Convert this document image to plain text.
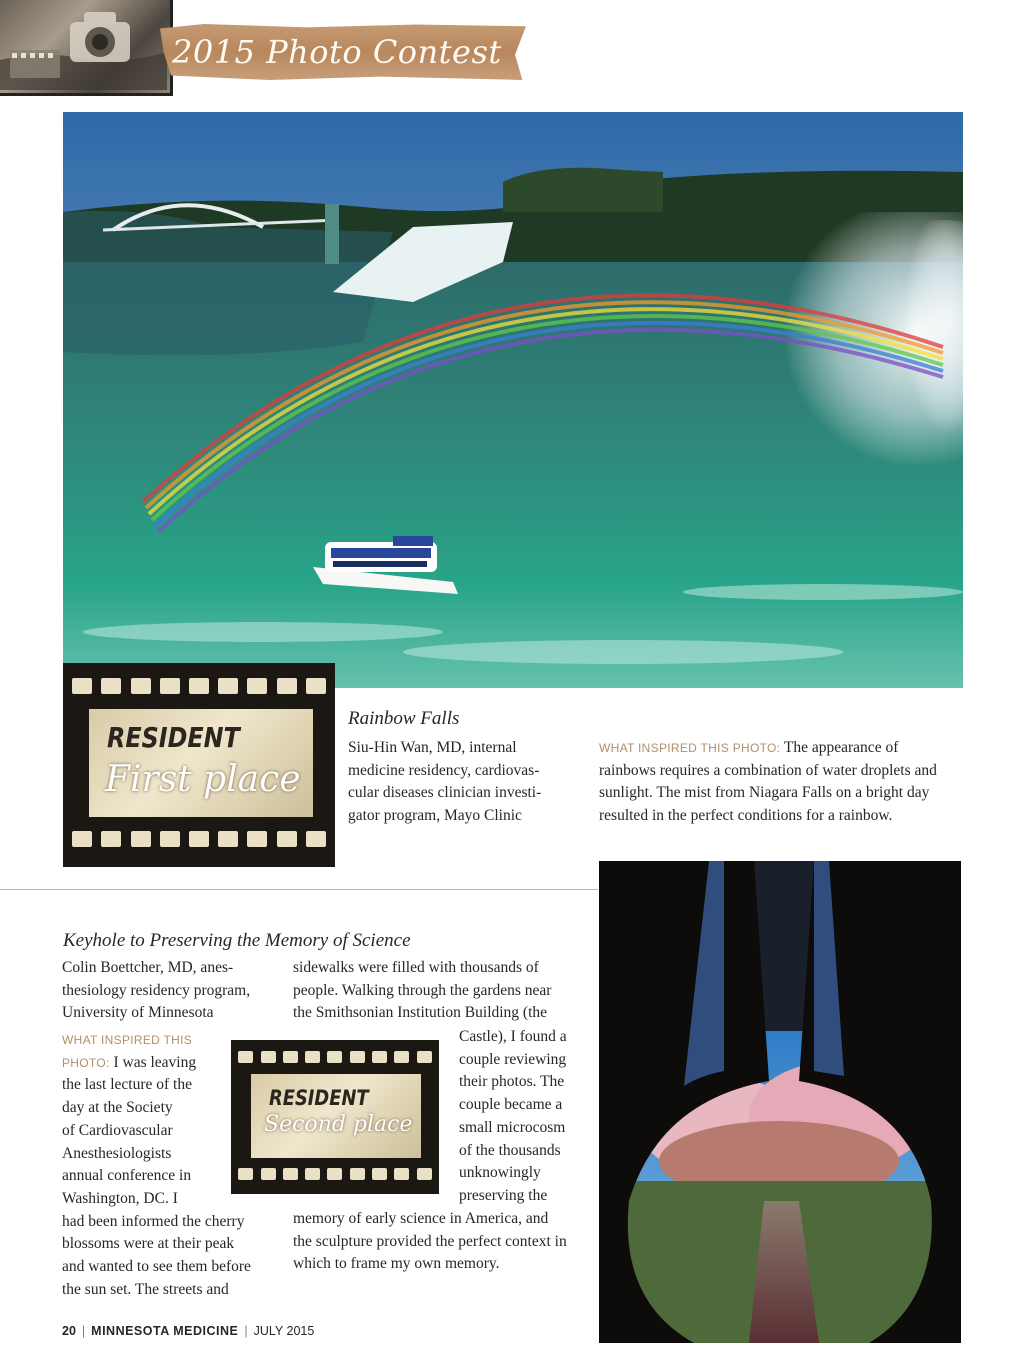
2015 Photo Contest
RESIDENT
First place
Rainbow Falls
Siu-Hin Wan, MD, internal
medicine residency, cardiovas-
cular diseases clinician investi-
gator program, Mayo Clinic
WHAT INSPIRED THIS PHOTO: The appearance of
rainbows requires a combination of water droplets and
sunlight. The mist from Niagara Falls on a bright day
resulted in the perfect conditions for a rainbow.
Keyhole to Preserving the Memory of Science
Colin Boettcher, MD, anes-
thesiology residency program,
University of Minnesota
WHAT INSPIRED THIS
PHOTO: I was leaving
the last lecture of the
day at the Society
of Cardiovascular
Anesthesiologists
annual conference in
Washington, DC. I
had been informed the cherry
blossoms were at their peak
and wanted to see them before
the sun set. The streets and
sidewalks were filled with thousands of
people. Walking through the gardens near
the Smithsonian Institution Building (the
Castle), I found a
couple reviewing
their photos. The
couple became a
small microcosm
of the thousands
unknowingly
preserving the
memory of early science in America, and
the sculpture provided the perfect context in
which to frame my own memory.
RESIDENT
Second place
20 | MINNESOTA MEDICINE | JULY 2015
